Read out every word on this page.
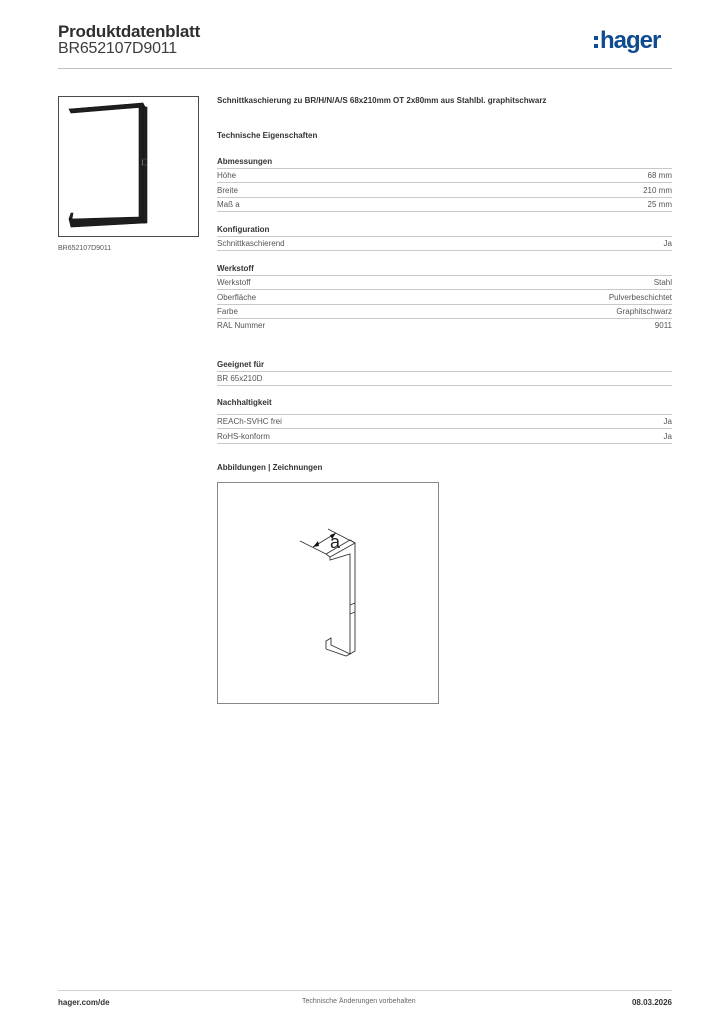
Produktdatenblatt
BR652107D9011	hager
BR652107D9011
Schnittkaschierung zu BR/H/N/A/S 68x210mm OT 2x80mm aus Stahlbl. graphitschwarz
Technische Eigenschaften
Abmessungen
Höhe	68 mm
Breite	210 mm
Maß a	25 mm
Konfiguration
Schnittkaschierend	Ja
Werkstoff
Werkstoff	Stahl
Oberfläche	Pulverbeschichtet
Farbe	Graphitschwarz
RAL Nummer	9011
Geeignet für
BR 65x210D
Nachhaltigkeit
REACh-SVHC frei	Ja
RoHS-konform	Ja
Abbildungen | Zeichnungen
a
hager.com/de	Technische Änderungen vorbehalten	08.03.2026
